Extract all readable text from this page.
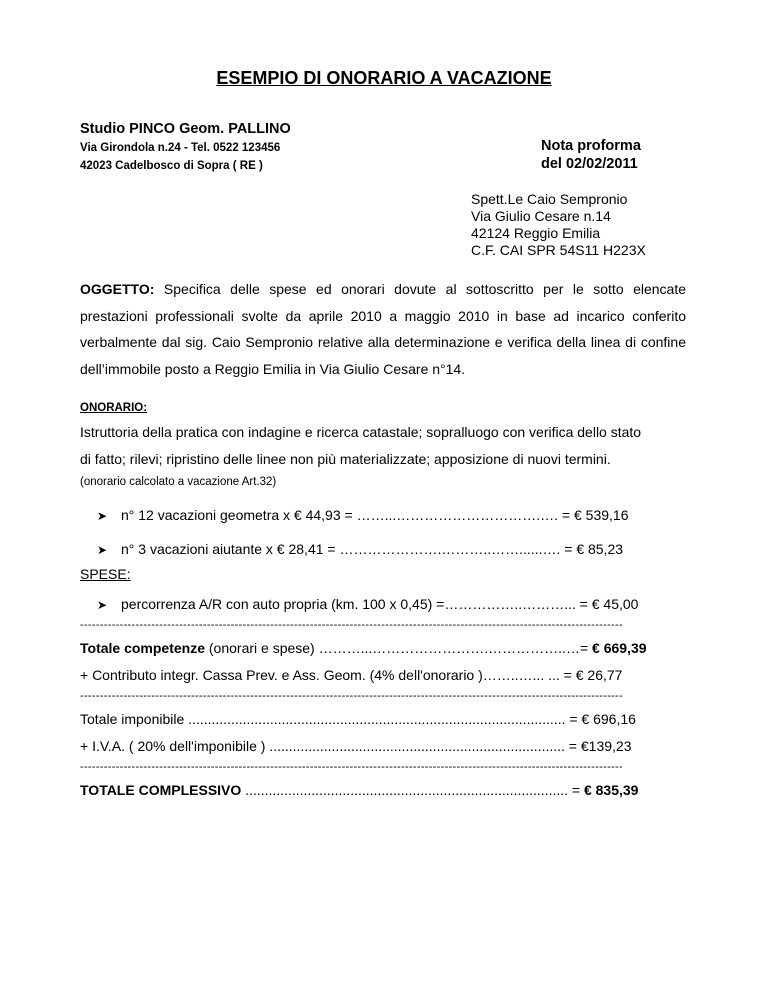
ESEMPIO DI ONORARIO A VACAZIONE
Studio PINCO Geom. PALLINO
Via Girondola n.24 - Tel. 0522 123456
42023 Cadelbosco di Sopra ( RE )
Nota proforma
del 02/02/2011
Spett.Le Caio Sempronio
Via Giulio Cesare n.14
42124 Reggio Emilia
C.F. CAI SPR 54S11 H223X
OGGETTO: Specifica delle spese ed onorari dovute al sottoscritto per le sotto elencate prestazioni professionali svolte da aprile 2010 a maggio 2010 in base ad incarico conferito verbalmente dal sig. Caio Sempronio relative alla determinazione e verifica della linea di confine dell’immobile posto a Reggio Emilia in Via Giulio Cesare n°14.
ONORARIO:
Istruttoria della pratica con indagine e ricerca catastale; sopralluogo con verifica dello stato
di fatto; rilevi; ripristino delle linee non più materializzate; apposizione di nuovi termini.
(onorario calcolato a vacazione Art.32)
➤ n° 12 vacazioni geometra x € 44,93 = ……...………………………….…. = € 539,16
➤ n° 3 vacazioni aiutante x € 28,41 = ………………….………..……......…. = € 85,23
SPESE:
➤ percorrenza A/R con auto propria (km. 100 x 0,45) =……………..………... = € 45,00
-----------------------------------------------------------------------------------------------------------------------------------------
Totale competenze (onorari e spese) ………...…………………….……………..…= € 669,39
+ Contributo integr. Cassa Prev. e Ass. Geom. (4% dell'onorario )……..…... ... = € 26,77
-----------------------------------------------------------------------------------------------------------------------------------------
Totale imponibile ................................................................................................. = € 696,16
+ I.V.A. ( 20% dell'imponibile ) ............................................................................ = €139,23
-----------------------------------------------------------------------------------------------------------------------------------------
TOTALE COMPLESSIVO ................................................................................... = € 835,39
